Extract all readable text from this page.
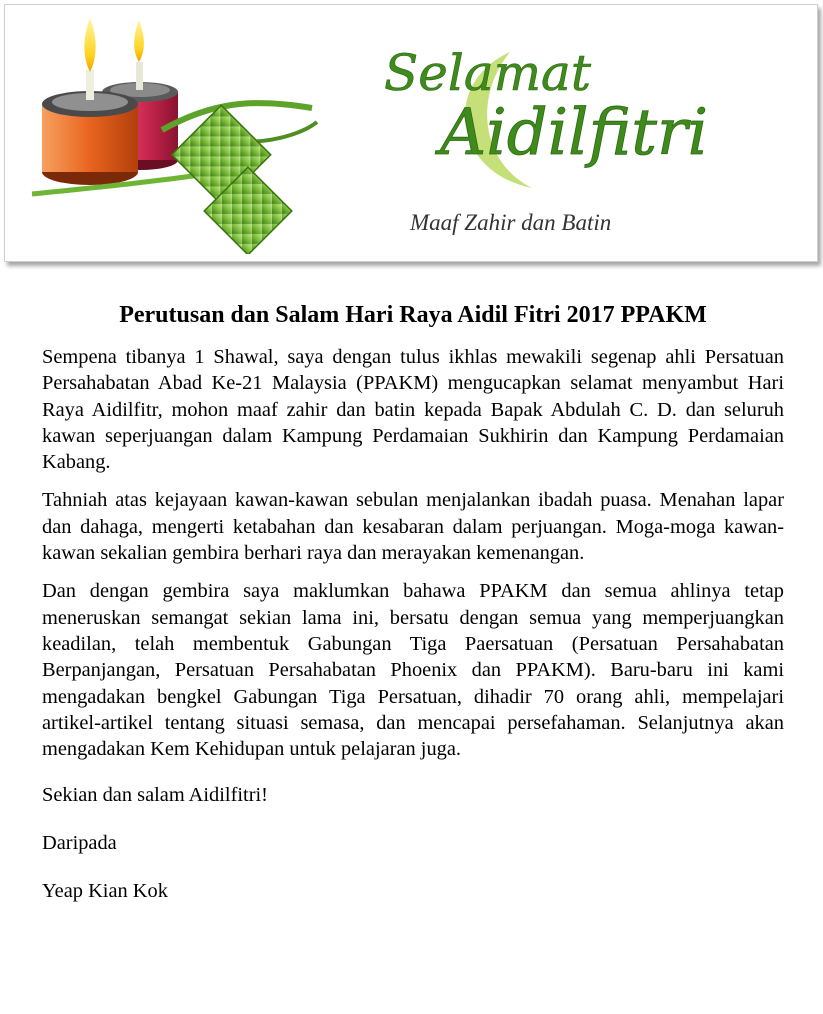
Selamat
Aidilfitri
Maaf Zahir dan Batin
Perutusan dan Salam Hari Raya Aidil Fitri 2017 PPAKM

Sempena tibanya 1 Shawal, saya dengan tulus ikhlas mewakili segenap ahli Persatuan Persahabatan Abad Ke-21 Malaysia (PPAKM) mengucapkan selamat menyambut Hari Raya Aidilfitr, mohon maaf zahir dan batin kepada Bapak Abdulah C. D. dan seluruh kawan seperjuangan dalam Kampung Perdamaian Sukhirin dan Kampung Perdamaian Kabang.

Tahniah atas kejayaan kawan-kawan sebulan menjalankan ibadah puasa. Menahan lapar dan dahaga, mengerti ketabahan dan kesabaran dalam perjuangan. Moga-moga kawan-kawan sekalian gembira berhari raya dan merayakan kemenangan.

Dan dengan gembira saya maklumkan bahawa PPAKM dan semua ahlinya tetap meneruskan semangat sekian lama ini, bersatu dengan semua yang memperjuangkan keadilan, telah membentuk Gabungan Tiga Paersatuan (Persatuan Persahabatan Berpanjangan, Persatuan Persahabatan Phoenix dan PPAKM). Baru-baru ini kami mengadakan bengkel Gabungan Tiga Persatuan, dihadir 70 orang ahli, mempelajari artikel-artikel tentang situasi semasa, dan mencapai persefahaman. Selanjutnya akan mengadakan Kem Kehidupan untuk pelajaran juga.

Sekian dan salam Aidilfitri!

Daripada

Yeap Kian Kok
